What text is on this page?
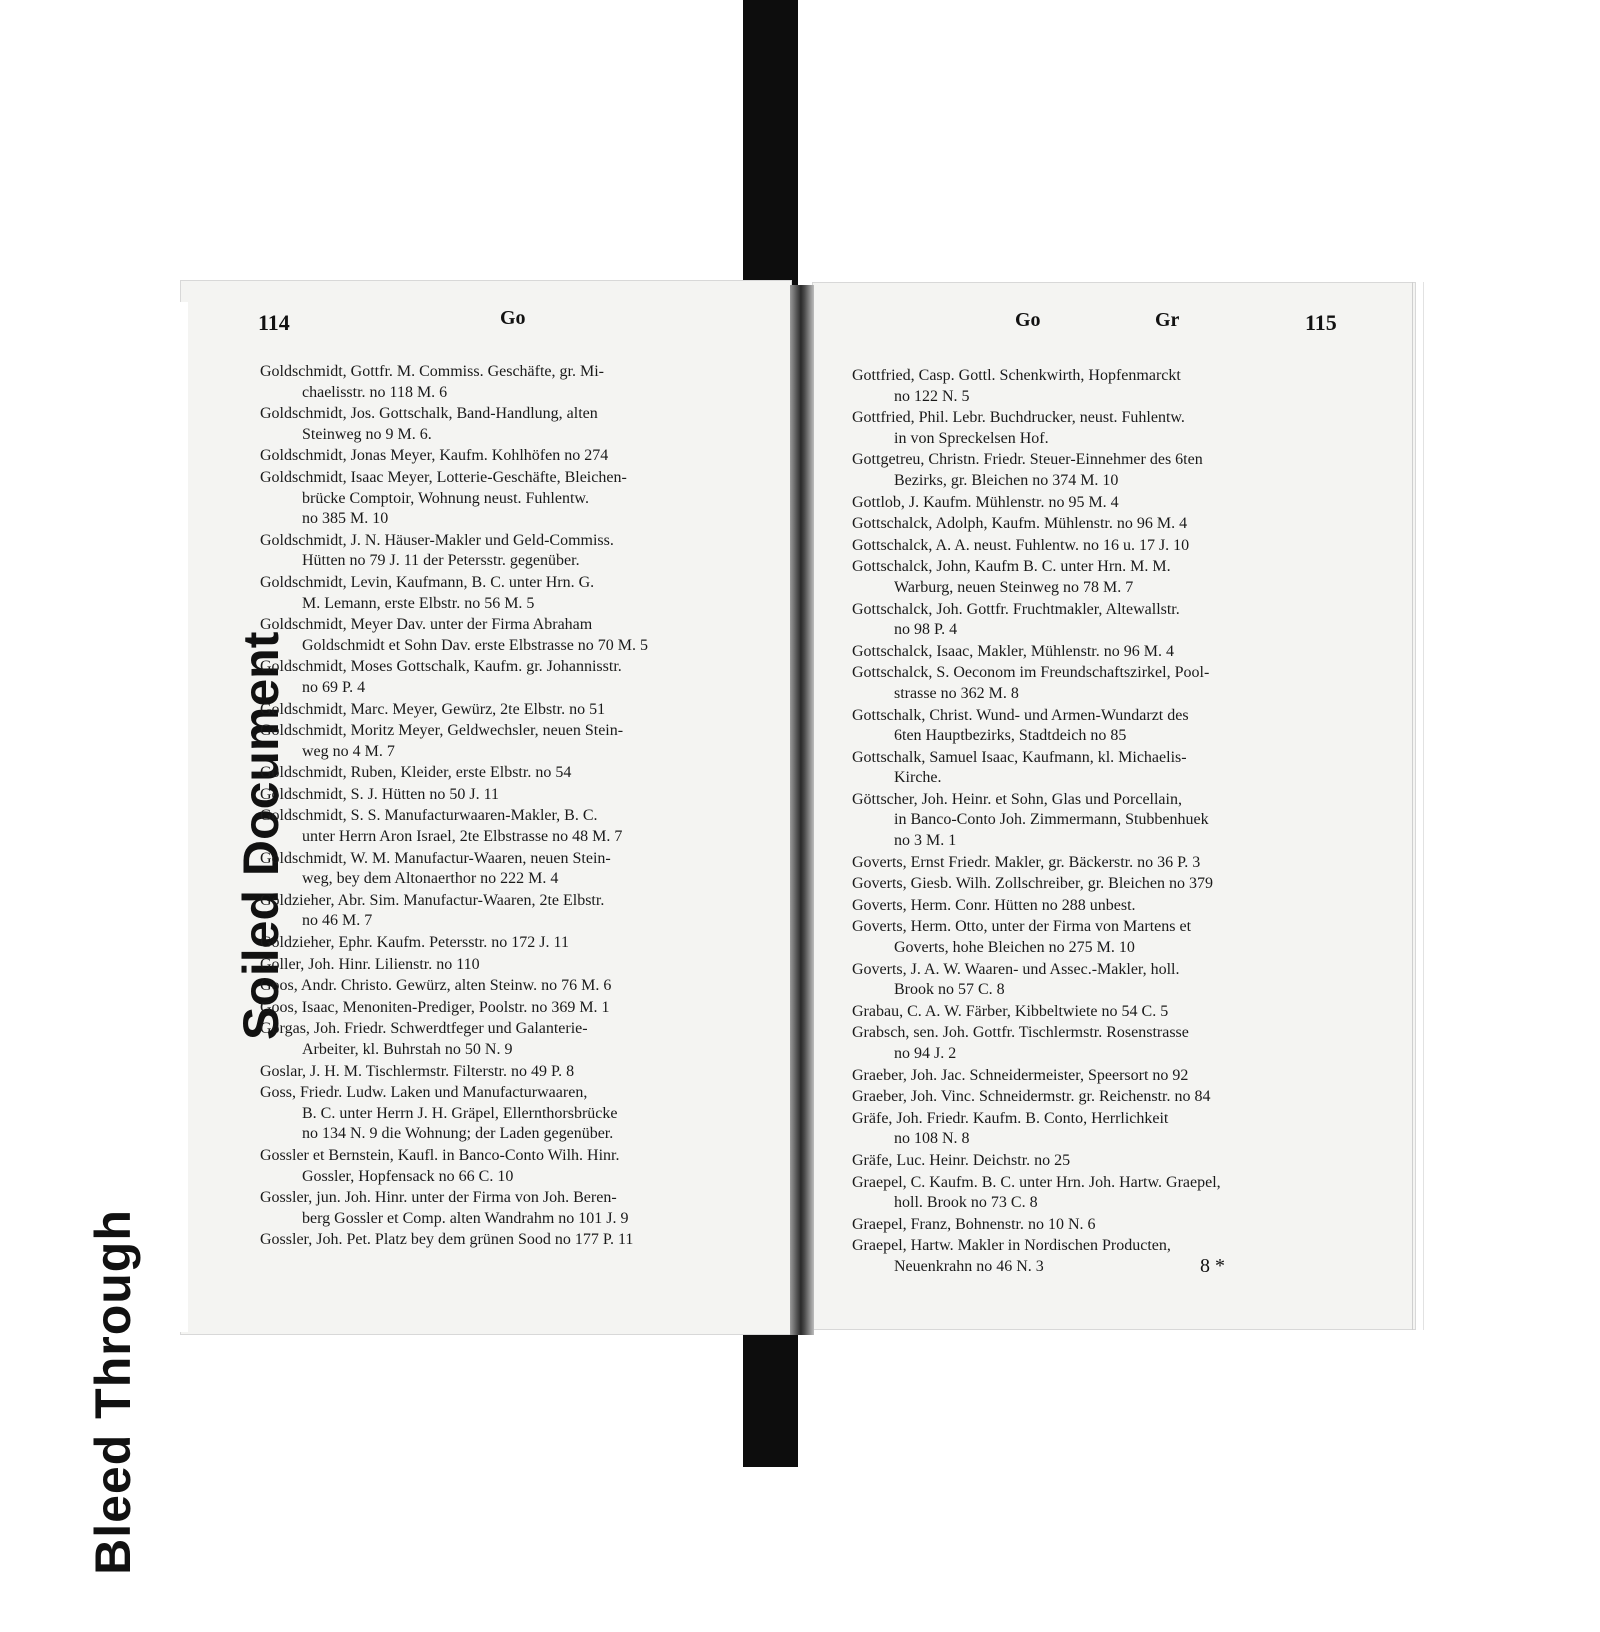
Soiled Document
Bleed Through
114	Go	Go	Gr	115
Goldschmidt, Gottfr. M. Commiss. Geschäfte, gr. Mi-
chaelisstr. no 118 M. 6
Goldschmidt, Jos. Gottschalk, Band-Handlung, alten
Steinweg no 9 M. 6.
Goldschmidt, Jonas Meyer, Kaufm. Kohlhöfen no 274
Goldschmidt, Isaac Meyer, Lotterie-Geschäfte, Bleichen-
brücke Comptoir, Wohnung neust. Fuhlentw.
no 385 M. 10
Goldschmidt, J. N. Häuser-Makler und Geld-Commiss.
Hütten no 79 J. 11 der Petersstr. gegenüber.
Goldschmidt, Levin, Kaufmann, B. C. unter Hrn. G.
M. Lemann, erste Elbstr. no 56 M. 5
Goldschmidt, Meyer Dav. unter der Firma Abraham
Goldschmidt et Sohn Dav. erste Elbstrasse no 70 M. 5
Goldschmidt, Moses Gottschalk, Kaufm. gr. Johannisstr.
no 69 P. 4
Goldschmidt, Marc. Meyer, Gewürz, 2te Elbstr. no 51
Goldschmidt, Moritz Meyer, Geldwechsler, neuen Stein-
weg no 4 M. 7
Goldschmidt, Ruben, Kleider, erste Elbstr. no 54
Goldschmidt, S. J. Hütten no 50 J. 11
Goldschmidt, S. S. Manufacturwaaren-Makler, B. C.
unter Herrn Aron Israel, 2te Elbstrasse no 48 M. 7
Goldschmidt, W. M. Manufactur-Waaren, neuen Stein-
weg, bey dem Altonaerthor no 222 M. 4
Goldzieher, Abr. Sim. Manufactur-Waaren, 2te Elbstr.
no 46 M. 7
Goldzieher, Ephr. Kaufm. Petersstr. no 172 J. 11
Goller, Joh. Hinr. Lilienstr. no 110
Goos, Andr. Christo. Gewürz, alten Steinw. no 76 M. 6
Goos, Isaac, Menoniten-Prediger, Poolstr. no 369 M. 1
Gorgas, Joh. Friedr. Schwerdtfeger und Galanterie-
Arbeiter, kl. Buhrstah no 50 N. 9
Goslar, J. H. M. Tischlermstr. Filterstr. no 49 P. 8
Goss, Friedr. Ludw. Laken und Manufacturwaaren,
B. C. unter Herrn J. H. Gräpel, Ellernthorsbrücke
no 134 N. 9 die Wohnung; der Laden gegenüber.
Gossler et Bernstein, Kaufl. in Banco-Conto Wilh. Hinr.
Gossler, Hopfensack no 66 C. 10
Gossler, jun. Joh. Hinr. unter der Firma von Joh. Beren-
berg Gossler et Comp. alten Wandrahm no 101 J. 9
Gossler, Joh. Pet. Platz bey dem grünen Sood no 177 P. 11
Gottfried, Casp. Gottl. Schenkwirth, Hopfenmarckt
no 122 N. 5
Gottfried, Phil. Lebr. Buchdrucker, neust. Fuhlentw.
in von Spreckelsen Hof.
Gottgetreu, Christn. Friedr. Steuer-Einnehmer des 6ten
Bezirks, gr. Bleichen no 374 M. 10
Gottlob, J. Kaufm. Mühlenstr. no 95 M. 4
Gottschalck, Adolph, Kaufm. Mühlenstr. no 96 M. 4
Gottschalck, A. A. neust. Fuhlentw. no 16 u. 17 J. 10
Gottschalck, John, Kaufm B. C. unter Hrn. M. M.
Warburg, neuen Steinweg no 78 M. 7
Gottschalck, Joh. Gottfr. Fruchtmakler, Altewallstr.
no 98 P. 4
Gottschalck, Isaac, Makler, Mühlenstr. no 96 M. 4
Gottschalck, S. Oeconom im Freundschaftszirkel, Pool-
strasse no 362 M. 8
Gottschalk, Christ. Wund- und Armen-Wundarzt des
6ten Hauptbezirks, Stadtdeich no 85
Gottschalk, Samuel Isaac, Kaufmann, kl. Michaelis-
Kirche.
Göttscher, Joh. Heinr. et Sohn, Glas und Porcellain,
in Banco-Conto Joh. Zimmermann, Stubbenhuek
no 3 M. 1
Goverts, Ernst Friedr. Makler, gr. Bäckerstr. no 36 P. 3
Goverts, Giesb. Wilh. Zollschreiber, gr. Bleichen no 379
Goverts, Herm. Conr. Hütten no 288 unbest.
Goverts, Herm. Otto, unter der Firma von Martens et
Goverts, hohe Bleichen no 275 M. 10
Goverts, J. A. W. Waaren- und Assec.-Makler, holl.
Brook no 57 C. 8
Grabau, C. A. W. Färber, Kibbeltwiete no 54 C. 5
Grabsch, sen. Joh. Gottfr. Tischlermstr. Rosenstrasse
no 94 J. 2
Graeber, Joh. Jac. Schneidermeister, Speersort no 92
Graeber, Joh. Vinc. Schneidermstr. gr. Reichenstr. no 84
Gräfe, Joh. Friedr. Kaufm. B. Conto, Herrlichkeit
no 108 N. 8
Gräfe, Luc. Heinr. Deichstr. no 25
Graepel, C. Kaufm. B. C. unter Hrn. Joh. Hartw. Graepel,
holl. Brook no 73 C. 8
Graepel, Franz, Bohnenstr. no 10 N. 6
Graepel, Hartw. Makler in Nordischen Producten,
Neuenkrahn no 46 N. 3	8 *
